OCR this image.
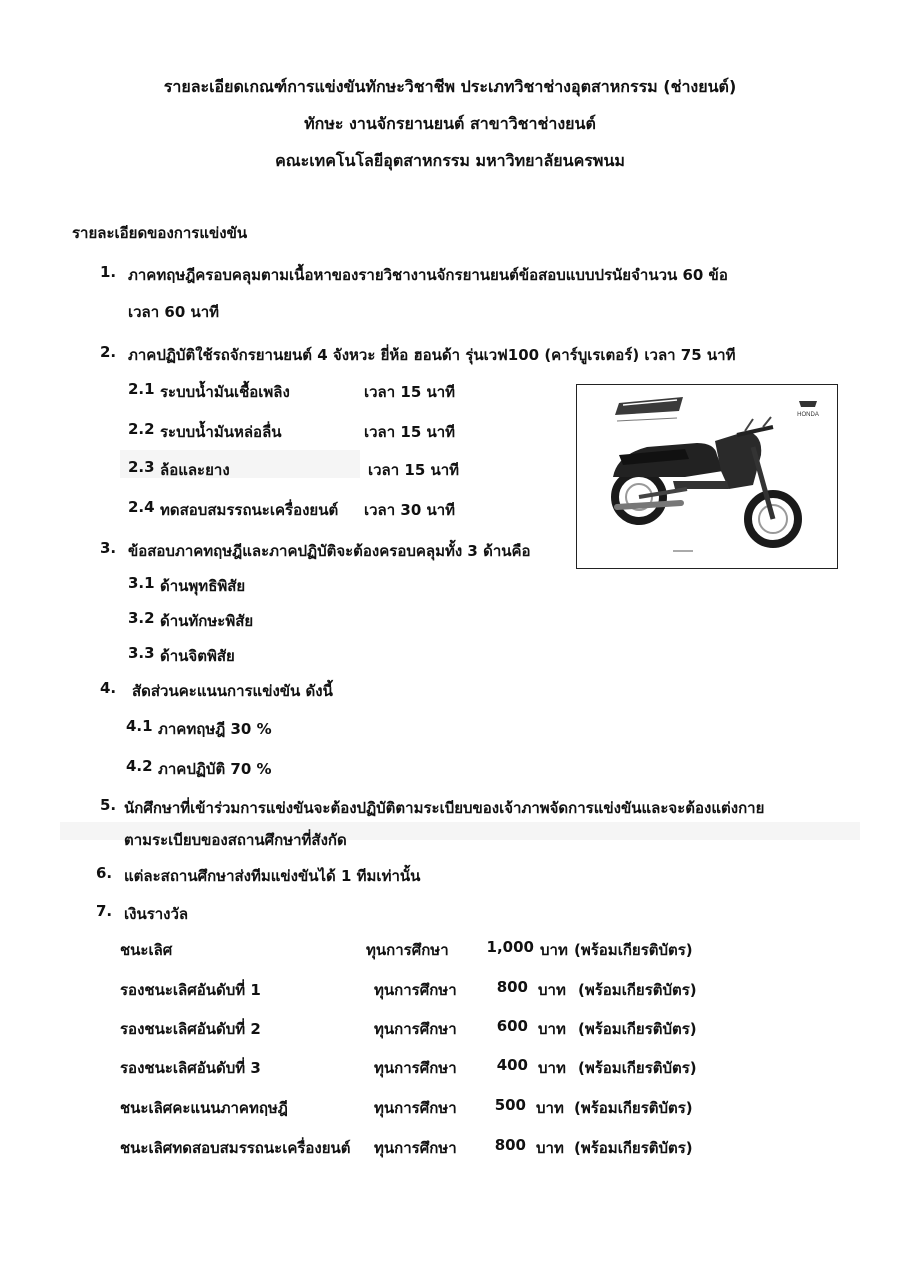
รายละเอียดเกณฑ์การแข่งขันทักษะวิชาชีพ ประเภทวิชาช่างอุตสาหกรรม (ช่างยนต์)
ทักษะ งานจักรยานยนต์ สาขาวิชาช่างยนต์
คณะเทคโนโลยีอุตสาหกรรม มหาวิทยาลัยนครพนม
รายละเอียดของการแข่งขัน
1. ภาคทฤษฎีครอบคลุมตามเนื้อหาของรายวิชางานจักรยานยนต์ข้อสอบแบบปรนัยจำนวน 60 ข้อ
เวลา 60 นาที
2. ภาคปฏิบัติใช้รถจักรยานยนต์ 4 จังหวะ ยี่ห้อ ฮอนด้า รุ่นเวฟ100 (คาร์บูเรเตอร์) เวลา 75 นาที
2.1 ระบบน้ำมันเชื้อเพลิง	เวลา 15 นาที
2.2 ระบบน้ำมันหล่อลื่น	เวลา 15 นาที
2.3 ล้อและยาง	เวลา 15 นาที
2.4 ทดสอบสมรรถนะเครื่องยนต์ เวลา 30 นาที
3. ข้อสอบภาคทฤษฎีและภาคปฏิบัติจะต้องครอบคลุมทั้ง 3 ด้านคือ
3.1 ด้านพุทธิพิสัย
3.2 ด้านทักษะพิสัย
3.3 ด้านจิตพิสัย
4. สัดส่วนคะแนนการแข่งขัน ดังนี้
4.1 ภาคทฤษฎี 30 %
4.2 ภาคปฏิบัติ 70 %
5. นักศึกษาที่เข้าร่วมการแข่งขันจะต้องปฏิบัติตามระเบียบของเจ้าภาพจัดการแข่งขันและจะต้องแต่งกาย
ตามระเบียบของสถานศึกษาที่สังกัด
6. แต่ละสถานศึกษาส่งทีมแข่งขันได้ 1 ทีมเท่านั้น
7. เงินรางวัล
ชนะเลิศ	ทุนการศึกษา	1,000 บาท (พร้อมเกียรติบัตร)
รองชนะเลิศอันดับที่ 1	ทุนการศึกษา	800 บาท (พร้อมเกียรติบัตร)
รองชนะเลิศอันดับที่ 2	ทุนการศึกษา	600 บาท (พร้อมเกียรติบัตร)
รองชนะเลิศอันดับที่ 3	ทุนการศึกษา	400 บาท (พร้อมเกียรติบัตร)
ชนะเลิศคะแนนภาคทฤษฎี	ทุนการศึกษา	500 บาท (พร้อมเกียรติบัตร)
ชนะเลิศทดสอบสมรรถนะเครื่องยนต์ ทุนการศึกษา	800 บาท (พร้อมเกียรติบัตร)
HONDA
